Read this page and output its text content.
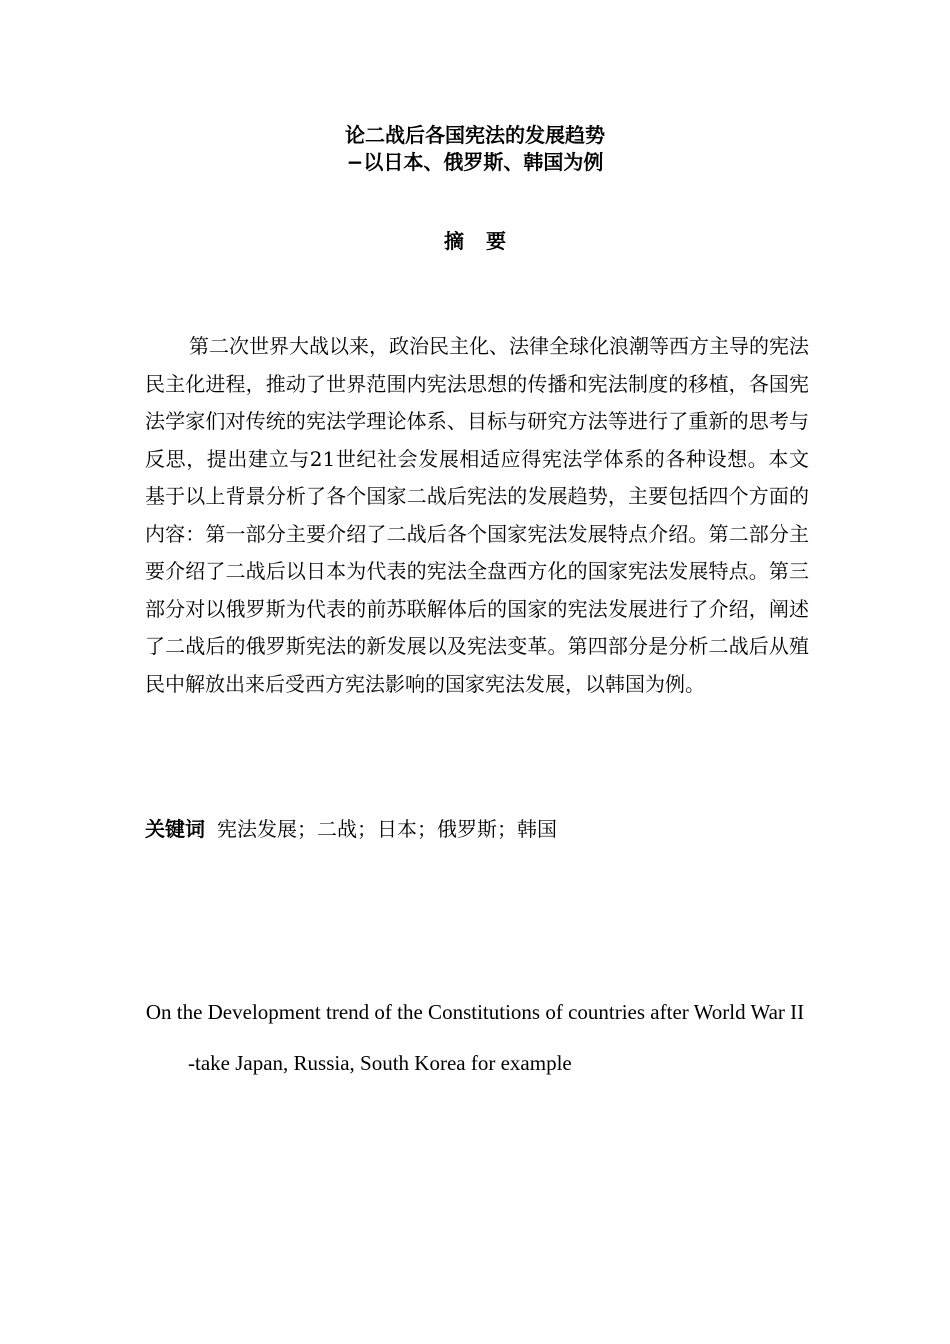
论二战后各国宪法的发展趋势
−以日本、俄罗斯、韩国为例
摘要

第二次世界大战以来，政治民主化、法律全球化浪潮等西方主导的宪法民主化进程，推动了世界范围内宪法思想的传播和宪法制度的移植，各国宪法学家们对传统的宪法学理论体系、目标与研究方法等进行了重新的思考与反思，提出建立与21世纪社会发展相适应得宪法学体系的各种设想。本文基于以上背景分析了各个国家二战后宪法的发展趋势，主要包括四个方面的内容：第一部分主要介绍了二战后各个国家宪法发展特点介绍。第二部分主要介绍了二战后以日本为代表的宪法全盘西方化的国家宪法发展特点。第三部分对以俄罗斯为代表的前苏联解体后的国家的宪法发展进行了介绍，阐述了二战后的俄罗斯宪法的新发展以及宪法变革。第四部分是分析二战后从殖民中解放出来后受西方宪法影响的国家宪法发展，以韩国为例。

关键词 宪法发展；二战；日本；俄罗斯；韩国
On the Development trend of the Constitutions of countries after World War II
-take Japan, Russia, South Korea for example
